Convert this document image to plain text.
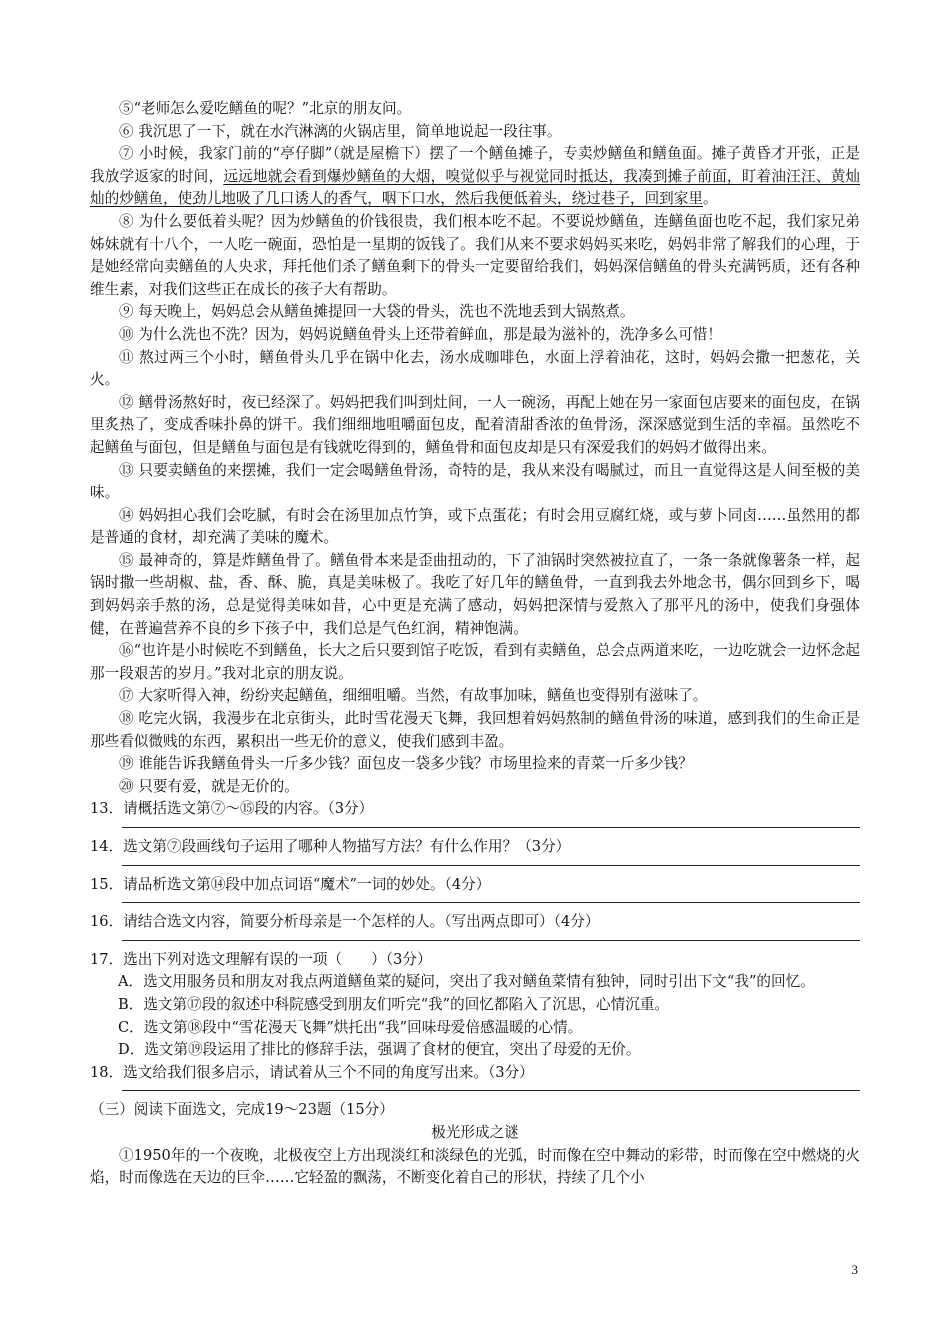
⑤“老师怎么爱吃鳝鱼的呢？”北京的朋友问。

⑥ 我沉思了一下，就在水汽淋漓的火锅店里，简单地说起一段往事。

⑦ 小时候，我家门前的“亭仔脚”（就是屋檐下）摆了一个鳝鱼摊子，专卖炒鳝鱼和鳝鱼面。摊子黄昏才开张，正是我放学返家的时间，远远地就会看到爆炒鳝鱼的大烟，嗅觉似乎与视觉同时抵达，我凑到摊子前面，盯着油汪汪、黄灿灿的炒鳝鱼，使劲儿地吸了几口诱人的香气，咽下口水，然后我便低着头，绕过巷子，回到家里。

⑧ 为什么要低着头呢？因为炒鳝鱼的价钱很贵，我们根本吃不起。不要说炒鳝鱼，连鳝鱼面也吃不起，我们家兄弟姊妹就有十八个，一人吃一碗面，恐怕是一星期的饭钱了。我们从来不要求妈妈买来吃，妈妈非常了解我们的心理，于是她经常向卖鳝鱼的人央求，拜托他们杀了鳝鱼剩下的骨头一定要留给我们，妈妈深信鳝鱼的骨头充满钙质，还有各种维生素，对我们这些正在成长的孩子大有帮助。

⑨ 每天晚上，妈妈总会从鳝鱼摊提回一大袋的骨头，洗也不洗地丢到大锅熬煮。

⑩ 为什么洗也不洗？因为，妈妈说鳝鱼骨头上还带着鲜血，那是最为滋补的，洗净多么可惜！

⑪ 熬过两三个小时，鳝鱼骨头几乎在锅中化去，汤水成咖啡色，水面上浮着油花，这时，妈妈会撒一把葱花，关火。

⑫ 鳝骨汤熬好时，夜已经深了。妈妈把我们叫到灶间，一人一碗汤，再配上她在另一家面包店要来的面包皮，在锅里炙热了，变成香味扑鼻的饼干。我们细细地咀嚼面包皮，配着清甜香浓的鱼骨汤，深深感觉到生活的幸福。虽然吃不起鳝鱼与面包，但是鳝鱼与面包是有钱就吃得到的，鳝鱼骨和面包皮却是只有深爱我们的妈妈才做得出来。

⑬ 只要卖鳝鱼的来摆摊，我们一定会喝鳝鱼骨汤，奇特的是，我从来没有喝腻过，而且一直觉得这是人间至极的美味。

⑭ 妈妈担心我们会吃腻，有时会在汤里加点竹笋，或下点蛋花；有时会用豆腐红烧，或与萝卜同卤……虽然用的都是普通的食材，却充满了美味的魔术。

⑮ 最神奇的，算是炸鳝鱼骨了。鳝鱼骨本来是歪曲扭动的，下了油锅时突然被拉直了，一条一条就像薯条一样，起锅时撒一些胡椒、盐，香、酥、脆，真是美味极了。我吃了好几年的鳝鱼骨，一直到我去外地念书，偶尔回到乡下，喝到妈妈亲手熬的汤，总是觉得美味如昔，心中更是充满了感动，妈妈把深情与爱熬入了那平凡的汤中，使我们身强体健，在普遍营养不良的乡下孩子中，我们总是气色红润，精神饱满。

⑯“也许是小时候吃不到鳝鱼，长大之后只要到馆子吃饭，看到有卖鳝鱼，总会点两道来吃，一边吃就会一边怀念起那一段艰苦的岁月。”我对北京的朋友说。

⑰ 大家听得入神，纷纷夹起鳝鱼，细细咀嚼。当然，有故事加味，鳝鱼也变得别有滋味了。

⑱ 吃完火锅，我漫步在北京街头，此时雪花漫天飞舞，我回想着妈妈熬制的鳝鱼骨汤的味道，感到我们的生命正是那些看似微贱的东西，累积出一些无价的意义，使我们感到丰盈。

⑲ 谁能告诉我鳝鱼骨头一斤多少钱？面包皮一袋多少钱？市场里捡来的青菜一斤多少钱？

⑳ 只要有爱，就是无价的。

13．请概括选文第⑦～⑮段的内容。（3分）

14．选文第⑦段画线句子运用了哪种人物描写方法？有什么作用？（3分）

15．请品析选文第⑭段中加点词语“魔术”一词的妙处。（4分）

16．请结合选文内容，简要分析母亲是一个怎样的人。（写出两点即可）（4分）

17．选出下列对选文理解有误的一项（　　）（3分）

A．选文用服务员和朋友对我点两道鳝鱼菜的疑问，突出了我对鳝鱼菜情有独钟，同时引出下文“我”的回忆。

B．选文第⑰段的叙述中科院感受到朋友们听完“我”的回忆都陷入了沉思，心情沉重。

C．选文第⑱段中“雪花漫天飞舞”烘托出“我”回味母爱倍感温暖的心情。

D．选文第⑲段运用了排比的修辞手法，强调了食材的便宜，突出了母爱的无价。

18．选文给我们很多启示，请试着从三个不同的角度写出来。（3分）

（三）阅读下面选文，完成19～23题（15分）

极光形成之谜

①1950年的一个夜晚，北极夜空上方出现淡红和淡绿色的光弧，时而像在空中舞动的彩带，时而像在空中燃烧的火焰，时而像选在天边的巨伞……它轻盈的飘荡，不断变化着自己的形状，持续了几个小

3
